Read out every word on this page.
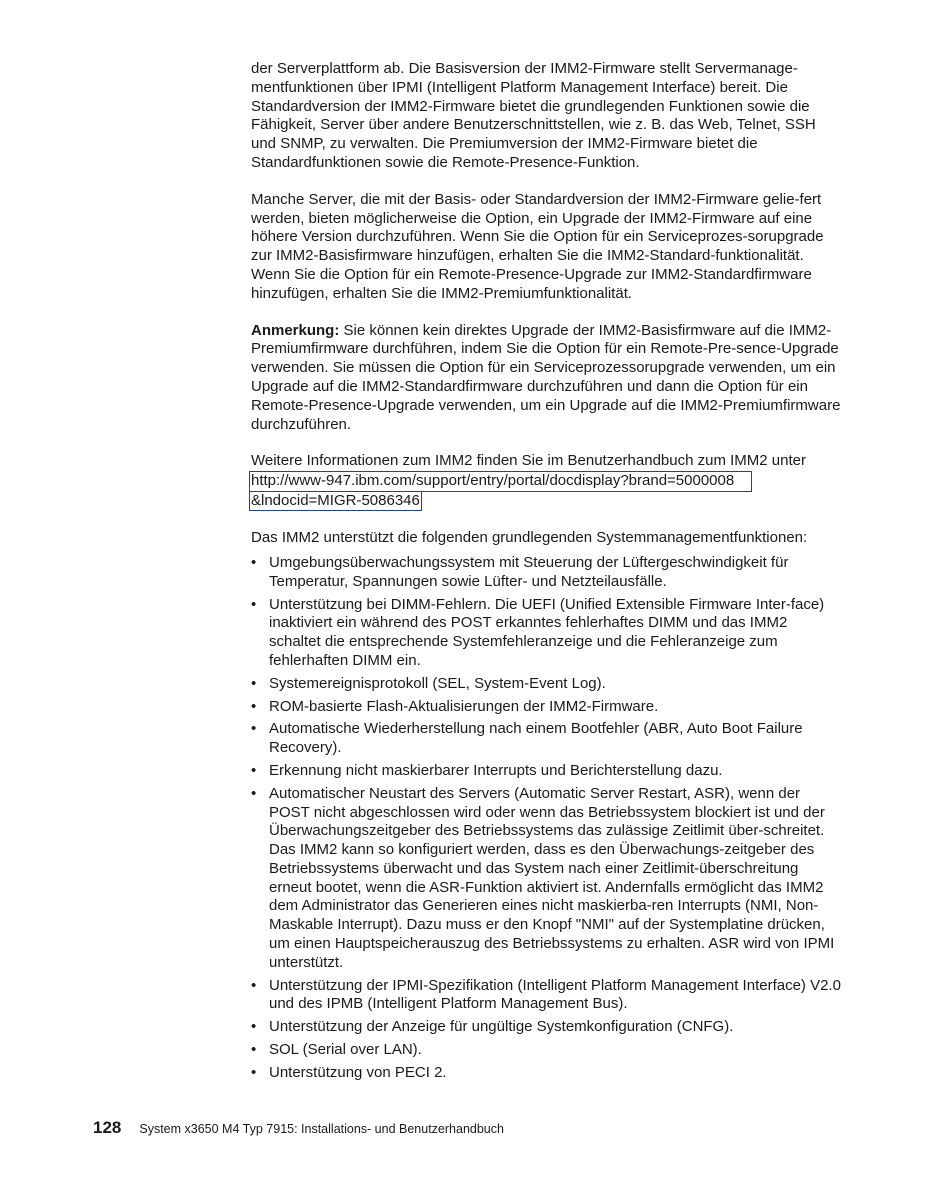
der Serverplattform ab. Die Basisversion der IMM2-Firmware stellt Servermanage-mentfunktionen über IPMI (Intelligent Platform Management Interface) bereit. Die Standardversion der IMM2-Firmware bietet die grundlegenden Funktionen sowie die Fähigkeit, Server über andere Benutzerschnittstellen, wie z. B. das Web, Telnet, SSH und SNMP, zu verwalten. Die Premiumversion der IMM2-Firmware bietet die Standardfunktionen sowie die Remote-Presence-Funktion.

Manche Server, die mit der Basis- oder Standardversion der IMM2-Firmware gelie-fert werden, bieten möglicherweise die Option, ein Upgrade der IMM2-Firmware auf eine höhere Version durchzuführen. Wenn Sie die Option für ein Serviceprozes-sorupgrade zur IMM2-Basisfirmware hinzufügen, erhalten Sie die IMM2-Standard-funktionalität. Wenn Sie die Option für ein Remote-Presence-Upgrade zur IMM2-Standardfirmware hinzufügen, erhalten Sie die IMM2-Premiumfunktionalität.

Anmerkung: Sie können kein direktes Upgrade der IMM2-Basisfirmware auf die IMM2-Premiumfirmware durchführen, indem Sie die Option für ein Remote-Pre-sence-Upgrade verwenden. Sie müssen die Option für ein Serviceprozessorupgrade verwenden, um ein Upgrade auf die IMM2-Standardfirmware durchzuführen und dann die Option für ein Remote-Presence-Upgrade verwenden, um ein Upgrade auf die IMM2-Premiumfirmware durchzuführen.

Weitere Informationen zum IMM2 finden Sie im Benutzerhandbuch zum IMM2 unter
http://www-947.ibm.com/support/entry/portal/docdisplay?brand=5000008
&lndocid=MIGR-5086346

Das IMM2 unterstützt die folgenden grundlegenden Systemmanagementfunktionen:

• Umgebungsüberwachungssystem mit Steuerung der Lüftergeschwindigkeit für Temperatur, Spannungen sowie Lüfter- und Netzteilausfälle.
• Unterstützung bei DIMM-Fehlern. Die UEFI (Unified Extensible Firmware Inter-face) inaktiviert ein während des POST erkanntes fehlerhaftes DIMM und das IMM2 schaltet die entsprechende Systemfehleranzeige und die Fehleranzeige zum fehlerhaften DIMM ein.
• Systemereignisprotokoll (SEL, System-Event Log).
• ROM-basierte Flash-Aktualisierungen der IMM2-Firmware.
• Automatische Wiederherstellung nach einem Bootfehler (ABR, Auto Boot Failure Recovery).
• Erkennung nicht maskierbarer Interrupts und Berichterstellung dazu.
• Automatischer Neustart des Servers (Automatic Server Restart, ASR), wenn der POST nicht abgeschlossen wird oder wenn das Betriebssystem blockiert ist und der Überwachungszeitgeber des Betriebssystems das zulässige Zeitlimit über-schreitet. Das IMM2 kann so konfiguriert werden, dass es den Überwachungs-zeitgeber des Betriebssystems überwacht und das System nach einer Zeitlimit-überschreitung erneut bootet, wenn die ASR-Funktion aktiviert ist. Andernfalls ermöglicht das IMM2 dem Administrator das Generieren eines nicht maskierba-ren Interrupts (NMI, Non-Maskable Interrupt). Dazu muss er den Knopf "NMI" auf der Systemplatine drücken, um einen Hauptspeicherauszug des Betriebssystems zu erhalten. ASR wird von IPMI unterstützt.
• Unterstützung der IPMI-Spezifikation (Intelligent Platform Management Interface) V2.0 und des IPMB (Intelligent Platform Management Bus).
• Unterstützung der Anzeige für ungültige Systemkonfiguration (CNFG).
• SOL (Serial over LAN).
• Unterstützung von PECI 2.
128 System x3650 M4 Typ 7915: Installations- und Benutzerhandbuch
